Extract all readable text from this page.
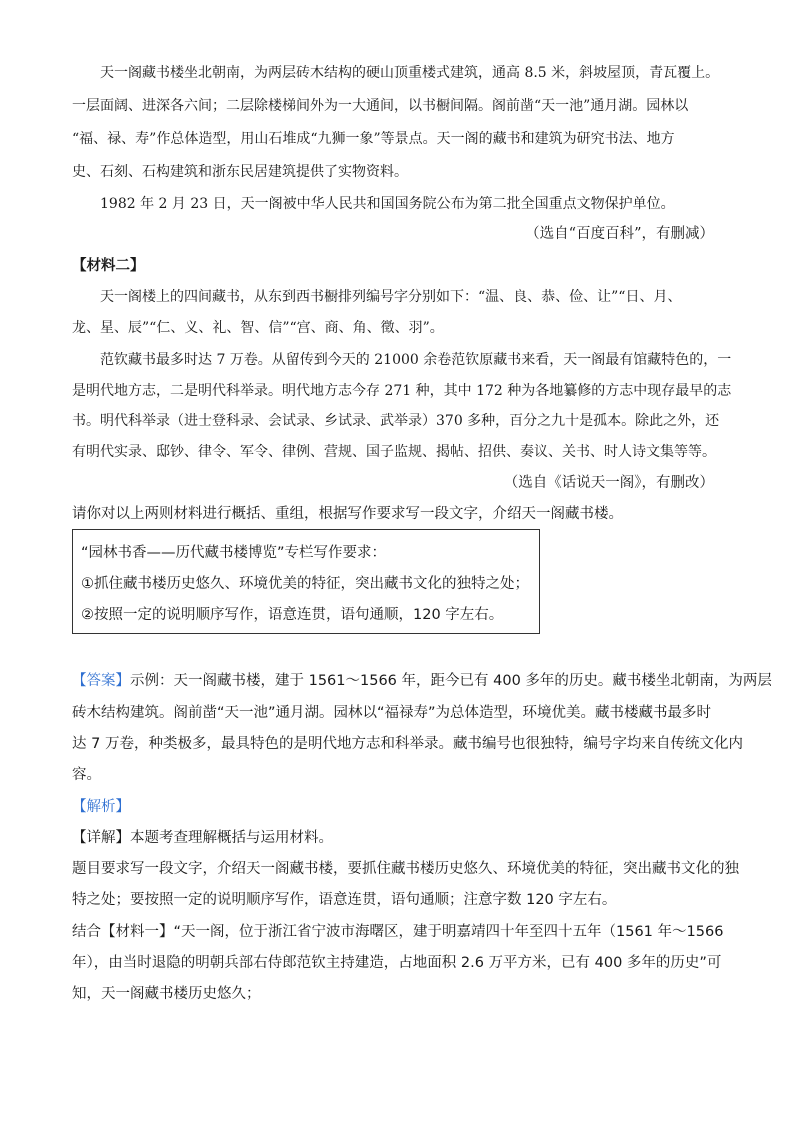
天一阁藏书楼坐北朝南，为两层砖木结构的硬山顶重楼式建筑，通高 8.5 米，斜坡屋顶，青瓦覆上。
一层面阔、进深各六间；二层除楼梯间外为一大通间，以书橱间隔。阁前凿“天一池”通月湖。园林以
“福、禄、寿”作总体造型，用山石堆成“九狮一象”等景点。天一阁的藏书和建筑为研究书法、地方
史、石刻、石构建筑和浙东民居建筑提供了实物资料。
1982 年 2 月 23 日，天一阁被中华人民共和国国务院公布为第二批全国重点文物保护单位。
（选自“百度百科”，有删减）
【材料二】
天一阁楼上的四间藏书，从东到西书橱排列编号字分别如下：“温、良、恭、俭、让”“日、月、
龙、星、辰”“仁、义、礼、智、信”“宫、商、角、徵、羽”。
范钦藏书最多时达 7 万卷。从留传到今天的 21000 余卷范钦原藏书来看，天一阁最有馆藏特色的，一
是明代地方志，二是明代科举录。明代地方志今存 271 种，其中 172 种为各地纂修的方志中现存最早的志
书。明代科举录（进士登科录、会试录、乡试录、武举录）370 多种，百分之九十是孤本。除此之外，还
有明代实录、邸钞、律令、军令、律例、营规、国子监规、揭帖、招供、奏议、关书、时人诗文集等等。
（选自《话说天一阁》，有删改）
请你对以上两则材料进行概括、重组，根据写作要求写一段文字，介绍天一阁藏书楼。
“园林书香——历代藏书楼博览”专栏写作要求：
①抓住藏书楼历史悠久、环境优美的特征，突出藏书文化的独特之处；
②按照一定的说明顺序写作，语意连贯，语句通顺，120 字左右。
【答案】示例：天一阁藏书楼，建于 1561～1566 年，距今已有 400 多年的历史。藏书楼坐北朝南，为两层
砖木结构建筑。阁前凿“天一池”通月湖。园林以“福禄寿”为总体造型，环境优美。藏书楼藏书最多时
达 7 万卷，种类极多，最具特色的是明代地方志和科举录。藏书编号也很独特，编号字均来自传统文化内
容。
【解析】
【详解】本题考查理解概括与运用材料。
题目要求写一段文字，介绍天一阁藏书楼，要抓住藏书楼历史悠久、环境优美的特征，突出藏书文化的独
特之处；要按照一定的说明顺序写作，语意连贯，语句通顺；注意字数 120 字左右。
结合【材料一】“天一阁，位于浙江省宁波市海曙区，建于明嘉靖四十年至四十五年（1561 年～1566
年），由当时退隐的明朝兵部右侍郎范钦主持建造，占地面积 2.6 万平方米，已有 400 多年的历史”可
知，天一阁藏书楼历史悠久；
